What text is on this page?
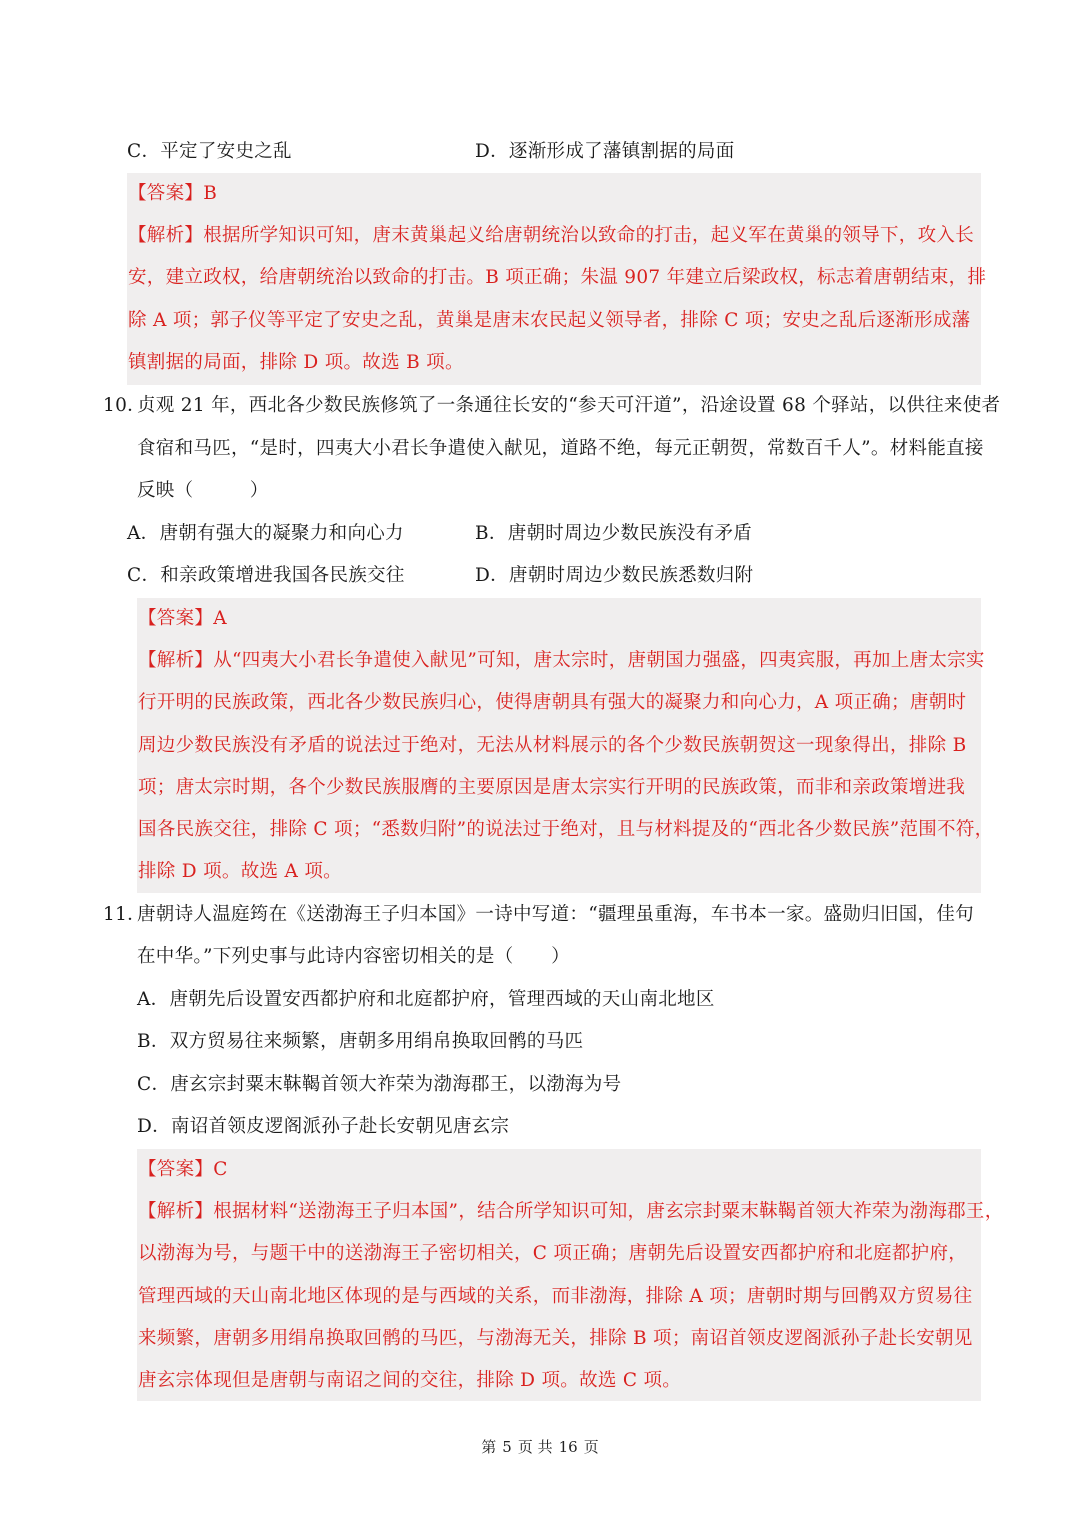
C．平定了安史之乱	D．逐渐形成了藩镇割据的局面
【答案】B
【解析】根据所学知识可知，唐末黄巢起义给唐朝统治以致命的打击，起义军在黄巢的领导下，攻入长
安，建立政权，给唐朝统治以致命的打击。B 项正确；朱温 907 年建立后梁政权，标志着唐朝结束，排
除 A 项；郭子仪等平定了安史之乱，黄巢是唐末农民起义领导者，排除 C 项；安史之乱后逐渐形成藩
镇割据的局面，排除 D 项。故选 B 项。
10．
贞观 21 年，西北各少数民族修筑了一条通往长安的“参天可汗道”，沿途设置 68 个驿站，以供往来使者
食宿和马匹，“是时，四夷大小君长争遣使入献见，道路不绝，每元正朝贺，常数百千人”。材料能直接
反映（　　　）
A．唐朝有强大的凝聚力和向心力	B．唐朝时周边少数民族没有矛盾
C．和亲政策增进我国各民族交往	D．唐朝时周边少数民族悉数归附
【答案】A
【解析】从“四夷大小君长争遣使入献见”可知，唐太宗时，唐朝国力强盛，四夷宾服，再加上唐太宗实
行开明的民族政策，西北各少数民族归心，使得唐朝具有强大的凝聚力和向心力，A 项正确；唐朝时
周边少数民族没有矛盾的说法过于绝对，无法从材料展示的各个少数民族朝贺这一现象得出，排除 B
项；唐太宗时期，各个少数民族服膺的主要原因是唐太宗实行开明的民族政策，而非和亲政策增进我
国各民族交往，排除 C 项；“悉数归附”的说法过于绝对，且与材料提及的“西北各少数民族”范围不符，
排除 D 项。故选 A 项。
11．
唐朝诗人温庭筠在《送渤海王子归本国》一诗中写道：“疆理虽重海，车书本一家。盛勋归旧国，佳句
在中华。”下列史事与此诗内容密切相关的是（　　）
A．唐朝先后设置安西都护府和北庭都护府，管理西域的天山南北地区
B．双方贸易往来频繁，唐朝多用绢帛换取回鹘的马匹
C．唐玄宗封粟末靺鞨首领大祚荣为渤海郡王，以渤海为号
D．南诏首领皮逻阁派孙子赴长安朝见唐玄宗
【答案】C
【解析】根据材料“送渤海王子归本国”，结合所学知识可知，唐玄宗封粟末靺鞨首领大祚荣为渤海郡王，
以渤海为号，与题干中的送渤海王子密切相关，C 项正确；唐朝先后设置安西都护府和北庭都护府，
管理西域的天山南北地区体现的是与西域的关系，而非渤海，排除 A 项；唐朝时期与回鹘双方贸易往
来频繁，唐朝多用绢帛换取回鹘的马匹，与渤海无关，排除 B 项；南诏首领皮逻阁派孙子赴长安朝见
唐玄宗体现但是唐朝与南诏之间的交往，排除 D 项。故选 C 项。
第 5 页 共 16 页
